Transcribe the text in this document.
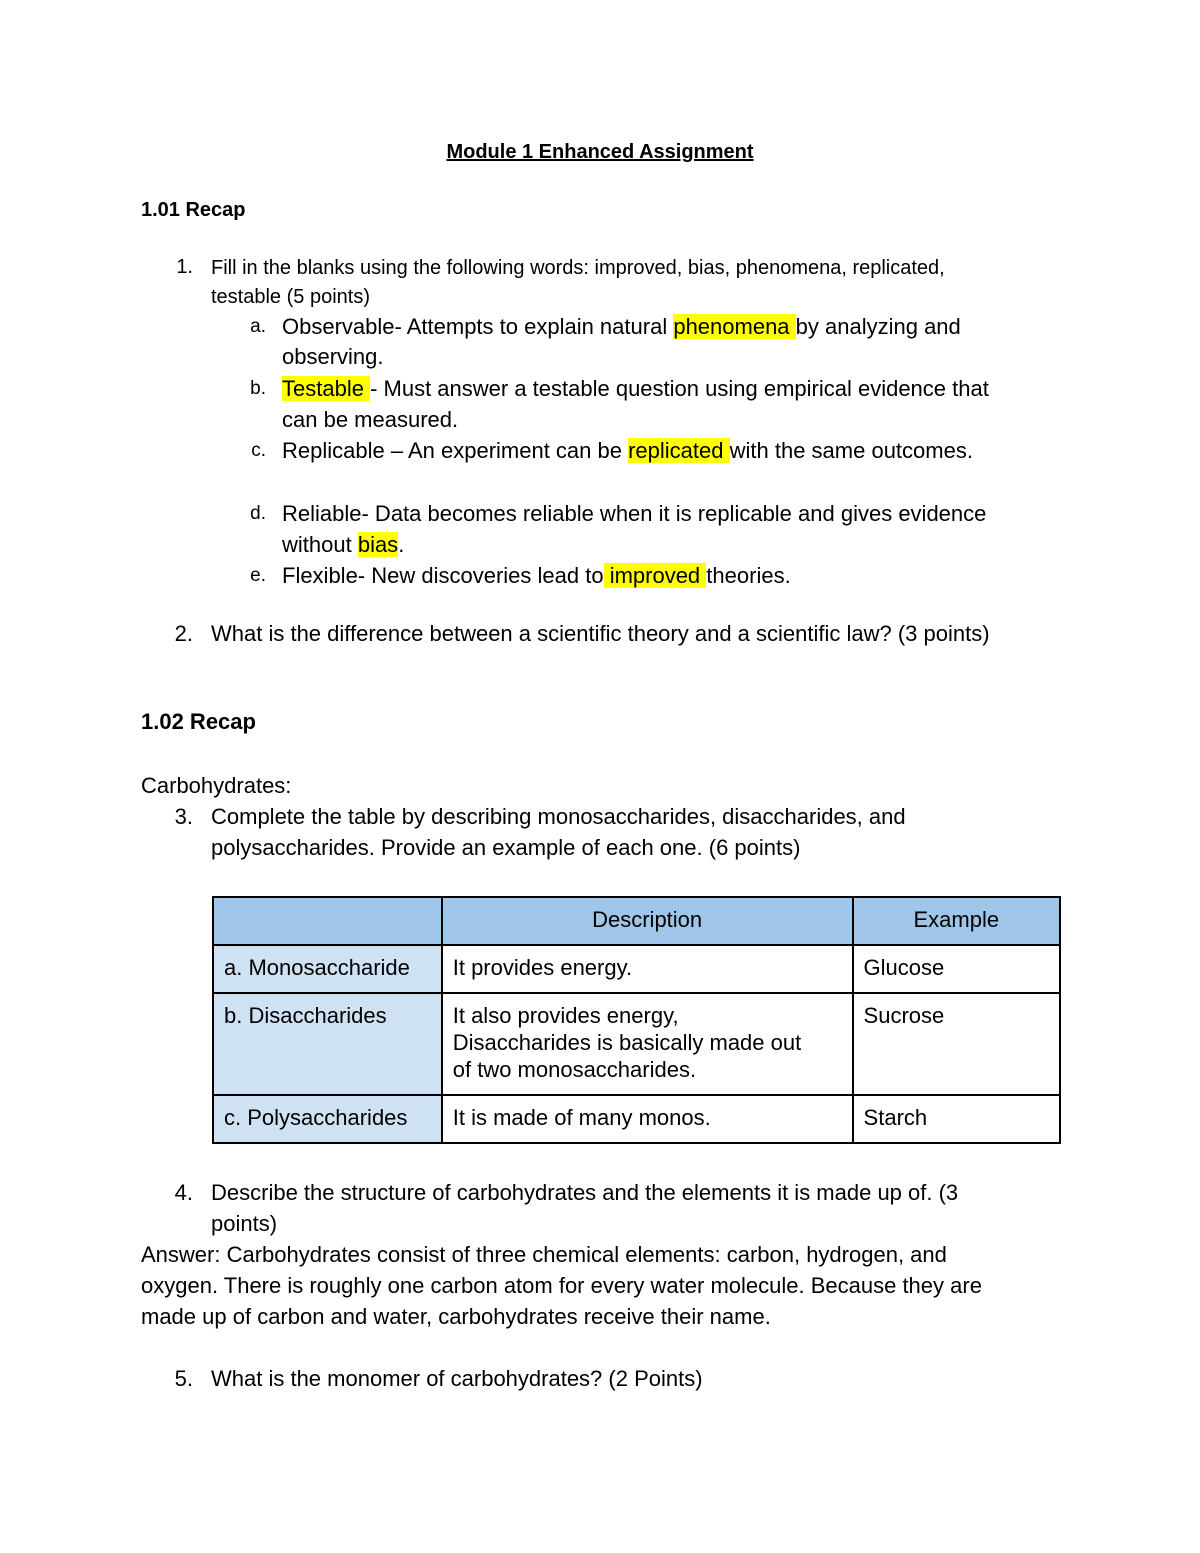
Module 1 Enhanced Assignment
1.01 Recap
1. Fill in the blanks using the following words: improved, bias, phenomena, replicated,
testable (5 points)
a. Observable- Attempts to explain natural phenomena by analyzing and
observing.
b. Testable - Must answer a testable question using empirical evidence that
can be measured.
c. Replicable – An experiment can be replicated with the same outcomes.
d. Reliable- Data becomes reliable when it is replicable and gives evidence
without bias.
e. Flexible- New discoveries lead to improved theories.
2. What is the difference between a scientific theory and a scientific law? (3 points)
1.02 Recap
Carbohydrates:
3. Complete the table by describing monosaccharides, disaccharides, and
polysaccharides. Provide an example of each one. (6 points)
	Description	Example
a. Monosaccharide	It provides energy.	Glucose
b. Disaccharides	It also provides energy,
Disaccharides is basically made out
of two monosaccharides.	Sucrose
c. Polysaccharides	It is made of many monos.	Starch
4. Describe the structure of carbohydrates and the elements it is made up of. (3
points)
Answer: Carbohydrates consist of three chemical elements: carbon, hydrogen, and
oxygen. There is roughly one carbon atom for every water molecule. Because they are
made up of carbon and water, carbohydrates receive their name.
5. What is the monomer of carbohydrates? (2 Points)
